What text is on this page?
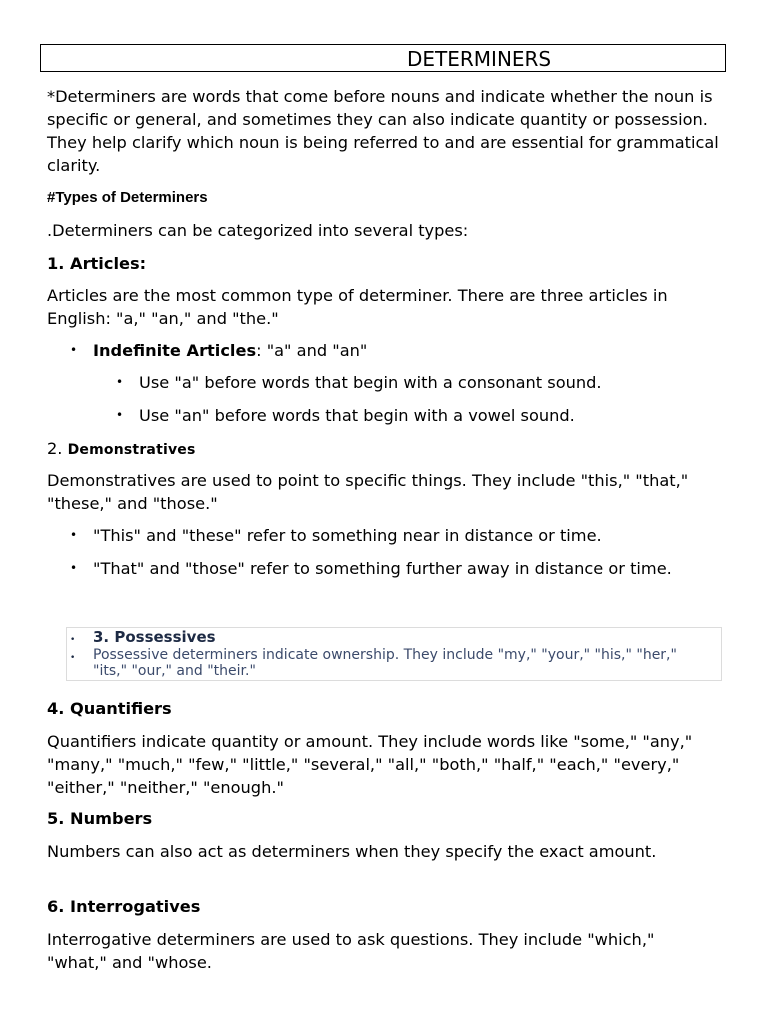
DETERMINERS

*Determiners are words that come before nouns and indicate whether the noun is specific or general, and sometimes they can also indicate quantity or possession. They help clarify which noun is being referred to and are essential for grammatical clarity.

#Types of Determiners

.Determiners can be categorized into several types:

1. Articles:

Articles are the most common type of determiner. There are three articles in English: "a," "an," and "the."

• Indefinite Articles: "a" and "an"
• Use "a" before words that begin with a consonant sound.
• Use "an" before words that begin with a vowel sound.

2. Demonstratives

Demonstratives are used to point to specific things. They include "this," "that," "these," and "those."

• "This" and "these" refer to something near in distance or time.
• "That" and "those" refer to something further away in distance or time.
• 3. Possessives
• Possessive determiners indicate ownership. They include "my," "your," "his," "her," "its," "our," and "their."

4. Quantifiers

Quantifiers indicate quantity or amount. They include words like "some," "any," "many," "much," "few," "little," "several," "all," "both," "half," "each," "every," "either," "neither," "enough."

5. Numbers

Numbers can also act as determiners when they specify the exact amount.

6. Interrogatives

Interrogative determiners are used to ask questions. They include "which," "what," and "whose.
